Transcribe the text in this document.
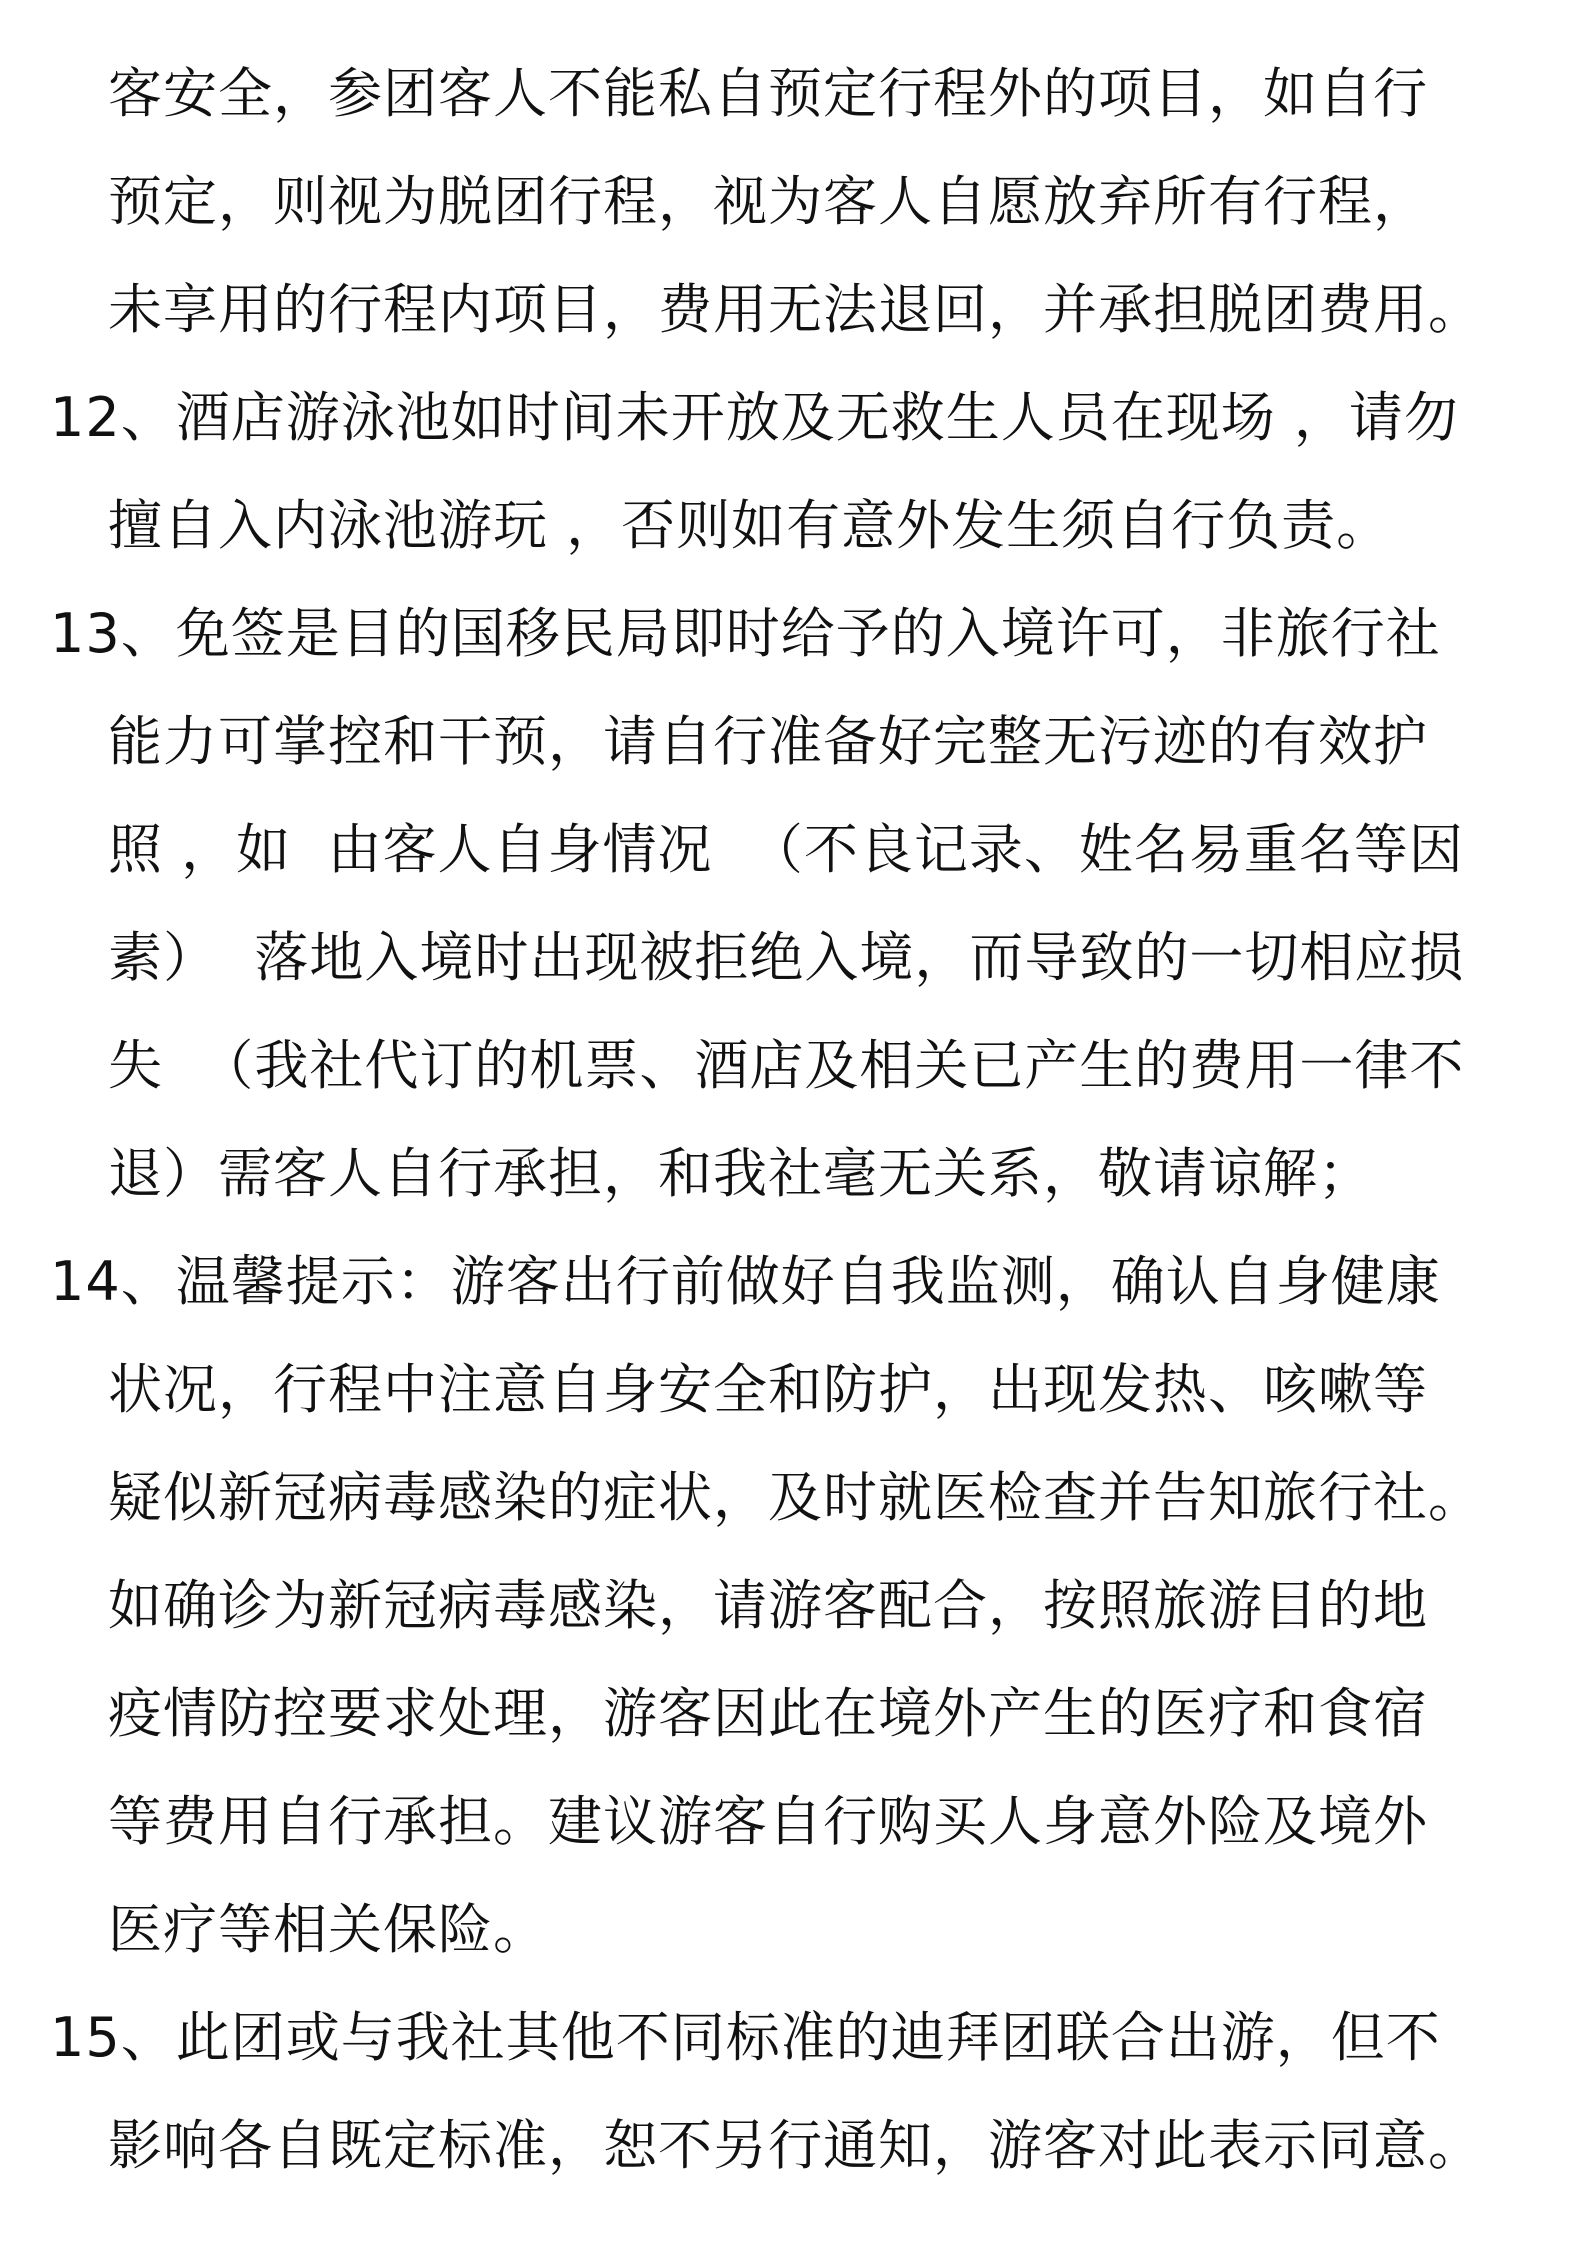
客安全，参团客人不能私自预定行程外的项目，如自行
预定，则视为脱团行程，视为客人自愿放弃所有行程，
未享用的行程内项目，费用无法退回，并承担脱团费用。
12、酒店游泳池如时间未开放及无救生人员在现场 ，请勿
擅自入内泳池游玩 ，否则如有意外发生须自行负责。
13、免签是目的国移民局即时给予的入境许可，非旅行社
能力可掌控和干预，请自行准备好完整无污迹的有效护
照 ，如  由客人自身情况  （不良记录、姓名易重名等因
素）  落地入境时出现被拒绝入境，而导致的一切相应损
失  （我社代订的机票、酒店及相关已产生的费用一律不
退）需客人自行承担，和我社毫无关系，敬请谅解；
14、温馨提示：游客出行前做好自我监测，确认自身健康
状况，行程中注意自身安全和防护，出现发热、咳嗽等
疑似新冠病毒感染的症状，及时就医检查并告知旅行社。
如确诊为新冠病毒感染，请游客配合，按照旅游目的地
疫情防控要求处理，游客因此在境外产生的医疗和食宿
等费用自行承担。建议游客自行购买人身意外险及境外
医疗等相关保险。
15、此团或与我社其他不同标准的迪拜团联合出游，但不
影响各自既定标准，恕不另行通知，游客对此表示同意。
